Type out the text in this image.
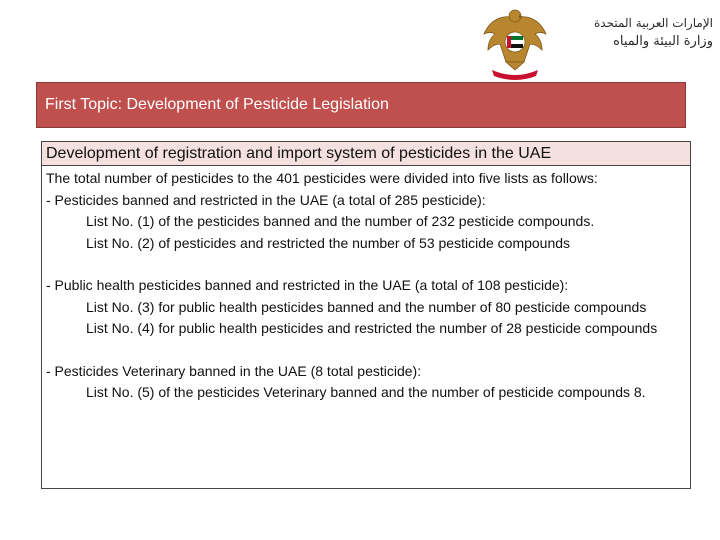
الإمارات العربية المتحدة
وزارة البيئة والمياه
First Topic: Development of Pesticide Legislation
Development of registration and import system of pesticides in the UAE

The total number of pesticides to the 401 pesticides were divided into five lists as follows:

- Pesticides banned and restricted in the UAE (a total of 285 pesticide):

List No. (1) of the pesticides banned and the number of 232 pesticide compounds.

List No. (2) of pesticides and restricted the number of 53 pesticide compounds

- Public health pesticides banned and restricted in the UAE (a total of 108 pesticide):

List No. (3) for public health pesticides banned and the number of 80 pesticide compounds

List No. (4) for public health pesticides and restricted the number of 28 pesticide compounds

- Pesticides Veterinary banned in the UAE (8 total pesticide):

List No. (5) of the pesticides Veterinary banned and the number of pesticide compounds 8.
